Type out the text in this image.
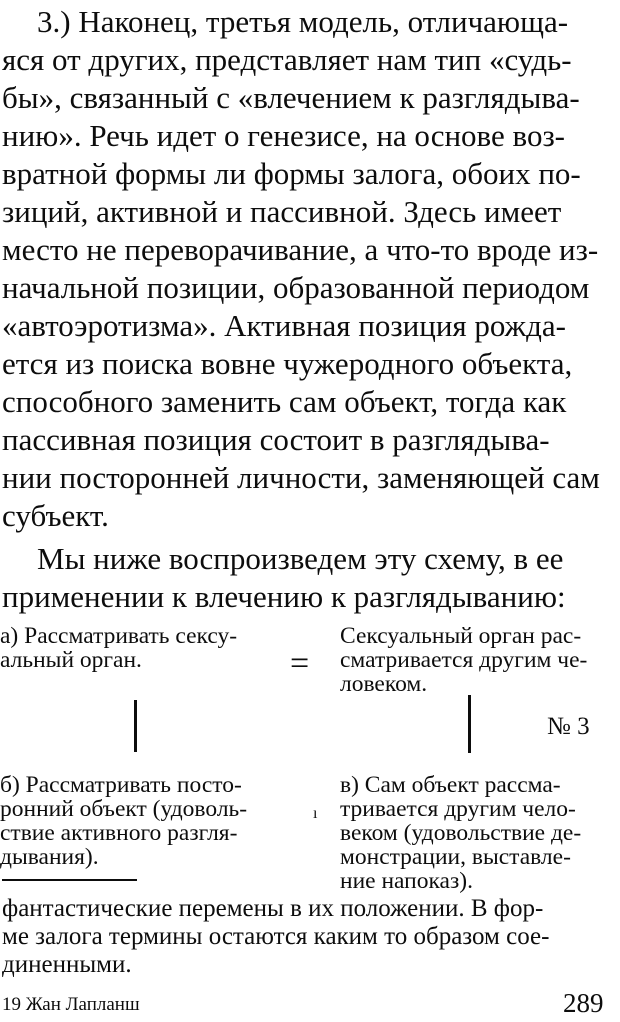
3.) Наконец, третья модель, отличающа-
яся от других, представляет нам тип «судь-
бы», связанный с «влечением к разглядыва-
нию». Речь идет о генезисе, на основе воз-
вратной формы ли формы залога, обоих по-
зиций, активной и пассивной. Здесь имеет
место не переворачивание, а что-то вроде из-
начальной позиции, образованной периодом
«автоэротизма». Активная позиция рожда-
ется из поиска вовне чужеродного объекта,
способного заменить сам объект, тогда как
пассивная позиция состоит в разглядыва-
нии посторонней личности, заменяющей сам
субъект.
Мы ниже воспроизведем эту схему, в ее
применении к влечению к разглядыванию:
а) Рассматривать сексу-
альный орган.	=
Сексуальный орган рас-
сматривается другим че-
ловеком.
№ 3
б) Рассматривать посто-
ронний объект (удоволь-
ствие активного разгля-
дывания).
ı
в) Сам объект рассма-
тривается другим чело-
веком (удовольствие де-
монстрации, выставле-
ние напоказ).
фантастические перемены в их положении. В фор-
ме залога термины остаются каким то образом сое-
диненными.
19 Жан Лапланш	289
